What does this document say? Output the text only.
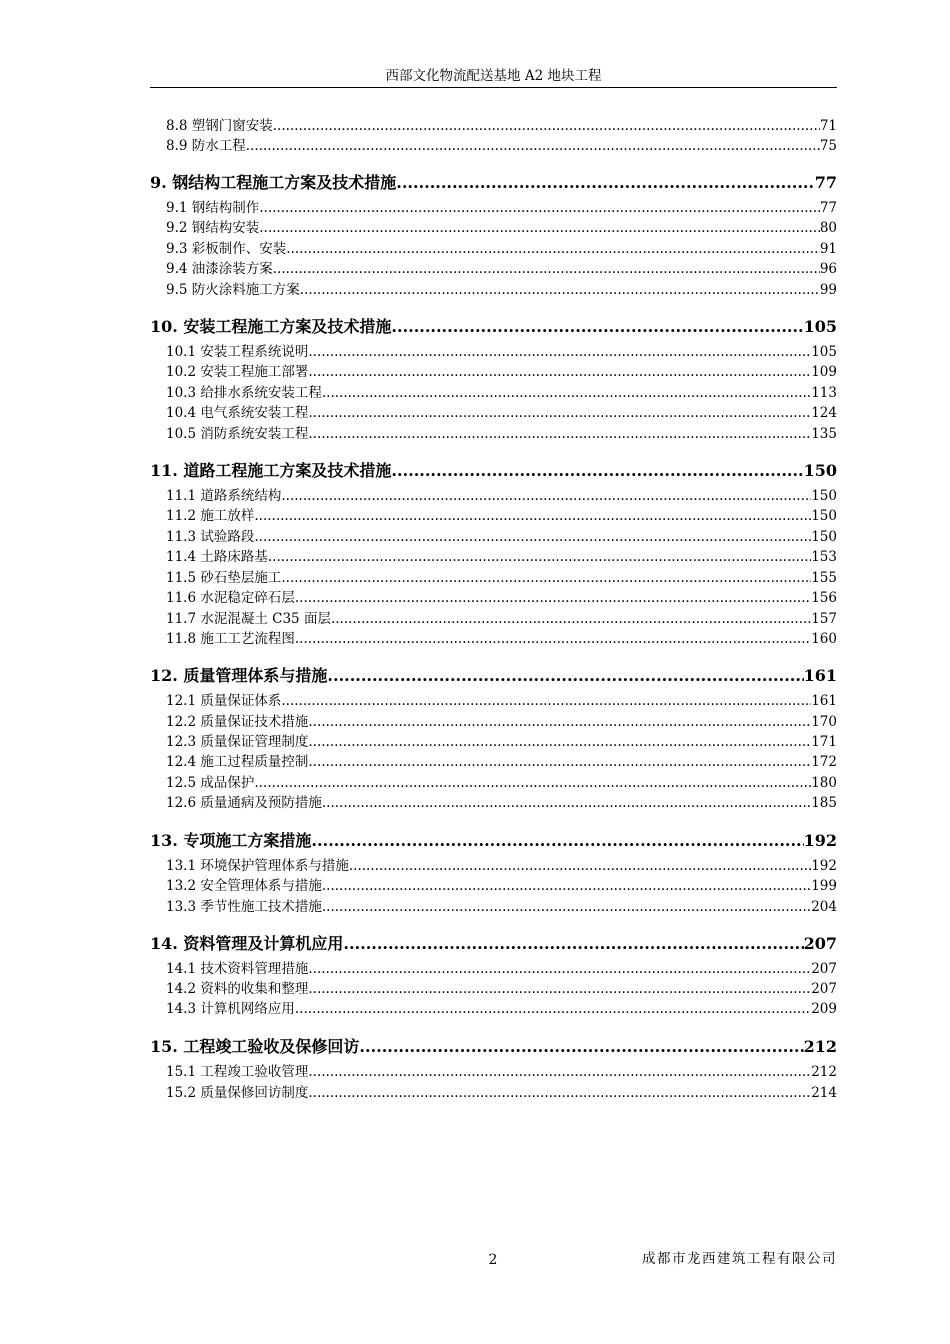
西部文化物流配送基地 A2 地块工程
8.8 塑钢门窗安装 .....	71
8.9 防水工程 .....	75
9. 钢结构工程施工方案及技术措施 .....	77
9.1 钢结构制作 .....	77
9.2 钢结构安装 .....	80
9.3 彩板制作、安装 .....	91
9.4 油漆涂装方案 .....	96
9.5 防火涂料施工方案 .....	99
10. 安装工程施工方案及技术措施 .....	105
10.1 安装工程系统说明 .....	105
10.2 安装工程施工部署 .....	109
10.3 给排水系统安装工程 .....	113
10.4 电气系统安装工程 .....	124
10.5 消防系统安装工程 .....	135
11. 道路工程施工方案及技术措施 .....	150
11.1 道路系统结构 .....	150
11.2 施工放样 .....	150
11.3 试验路段 .....	150
11.4 土路床路基 .....	153
11.5 砂石垫层施工 .....	155
11.6 水泥稳定碎石层 .....	156
11.7 水泥混凝土 C35 面层 .....	157
11.8 施工工艺流程图 .....	160
12. 质量管理体系与措施 .....	161
12.1 质量保证体系 .....	161
12.2 质量保证技术措施 .....	170
12.3 质量保证管理制度 .....	171
12.4 施工过程质量控制 .....	172
12.5 成品保护 .....	180
12.6 质量通病及预防措施 .....	185
13. 专项施工方案措施 .....	192
13.1 环境保护管理体系与措施 .....	192
13.2 安全管理体系与措施 .....	199
13.3 季节性施工技术措施 .....	204
14. 资料管理及计算机应用 .....	207
14.1 技术资料管理措施 .....	207
14.2 资料的收集和整理 .....	207
14.3 计算机网络应用 .....	209
15. 工程竣工验收及保修回访 .....	212
15.1 工程竣工验收管理 .....	212
15.2 质量保修回访制度 .....	214
2	成都市龙西建筑工程有限公司
